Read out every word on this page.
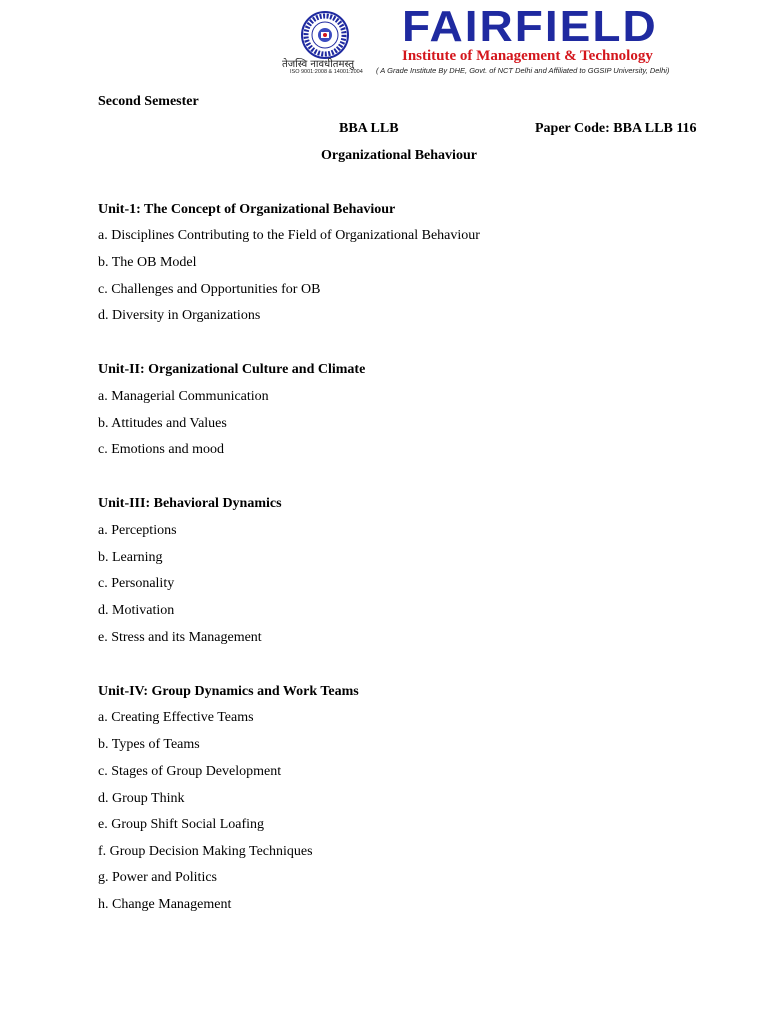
तेजस्वि नावधीतमस्तु
ISO 9001:2008 & 14001:2004
FAIRFIELD
Institute of Management & Technology
( A Grade Institute By DHE, Govt. of NCT Delhi and Affiliated to GGSIP University, Delhi)
Second Semester
BBA LLB	Paper Code: BBA LLB 116
Organizational Behaviour
Unit-1: The Concept of Organizational Behaviour
a. Disciplines Contributing to the Field of Organizational Behaviour
b. The OB Model
c. Challenges and Opportunities for OB
d. Diversity in Organizations
Unit-II: Organizational Culture and Climate
a. Managerial Communication
b. Attitudes and Values
c. Emotions and mood
Unit-III: Behavioral Dynamics
a. Perceptions
b. Learning
c. Personality
d. Motivation
e. Stress and its Management
Unit-IV: Group Dynamics and Work Teams
a. Creating Effective Teams
b. Types of Teams
c. Stages of Group Development
d. Group Think
e. Group Shift Social Loafing
f. Group Decision Making Techniques
g. Power and Politics
h. Change Management
